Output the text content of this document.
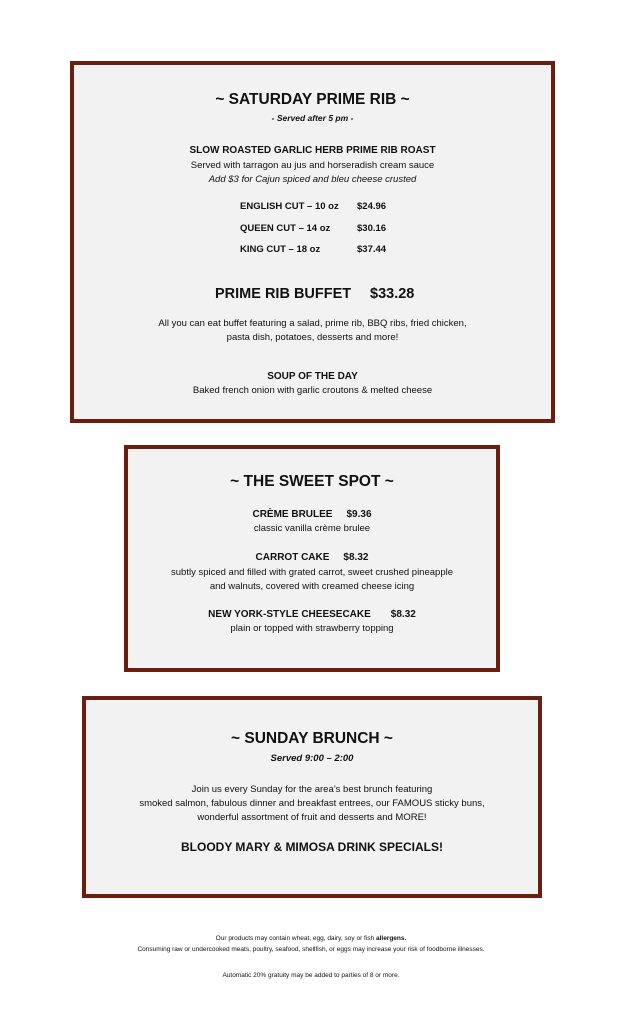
~ SATURDAY PRIME RIB ~
- Served after 5 pm -
SLOW ROASTED GARLIC HERB PRIME RIB ROAST
Served with tarragon au jus and horseradish cream sauce
Add $3 for Cajun spiced and bleu cheese crusted
ENGLISH CUT – 10 oz $24.96
QUEEN CUT – 14 oz	$30.16
KING CUT – 18 oz	$37.44
PRIME RIB BUFFET $33.28
All you can eat buffet featuring a salad, prime rib, BBQ ribs, fried chicken,
pasta dish, potatoes, desserts and more!
SOUP OF THE DAY
Baked french onion with garlic croutons & melted cheese
~ THE SWEET SPOT ~
CRÈME BRULEE $9.36
classic vanilla crème brulee
CARROT CAKE $8.32
subtly spiced and filled with grated carrot, sweet crushed pineapple
and walnuts, covered with creamed cheese icing
NEW YORK-STYLE CHEESECAKE $8.32
plain or topped with strawberry topping
~ SUNDAY BRUNCH ~
Served 9:00 – 2:00
Join us every Sunday for the area’s best brunch featuring
smoked salmon, fabulous dinner and breakfast entrees, our FAMOUS sticky buns,
wonderful assortment of fruit and desserts and MORE!
BLOODY MARY & MIMOSA DRINK SPECIALS!
Our products may contain wheat, egg, dairy, soy or fish allergens.
Consuming raw or undercooked meats, poultry, seafood, shellfish, or eggs may increase your risk of foodborne illnesses.
Automatic 20% gratuity may be added to parties of 8 or more.
